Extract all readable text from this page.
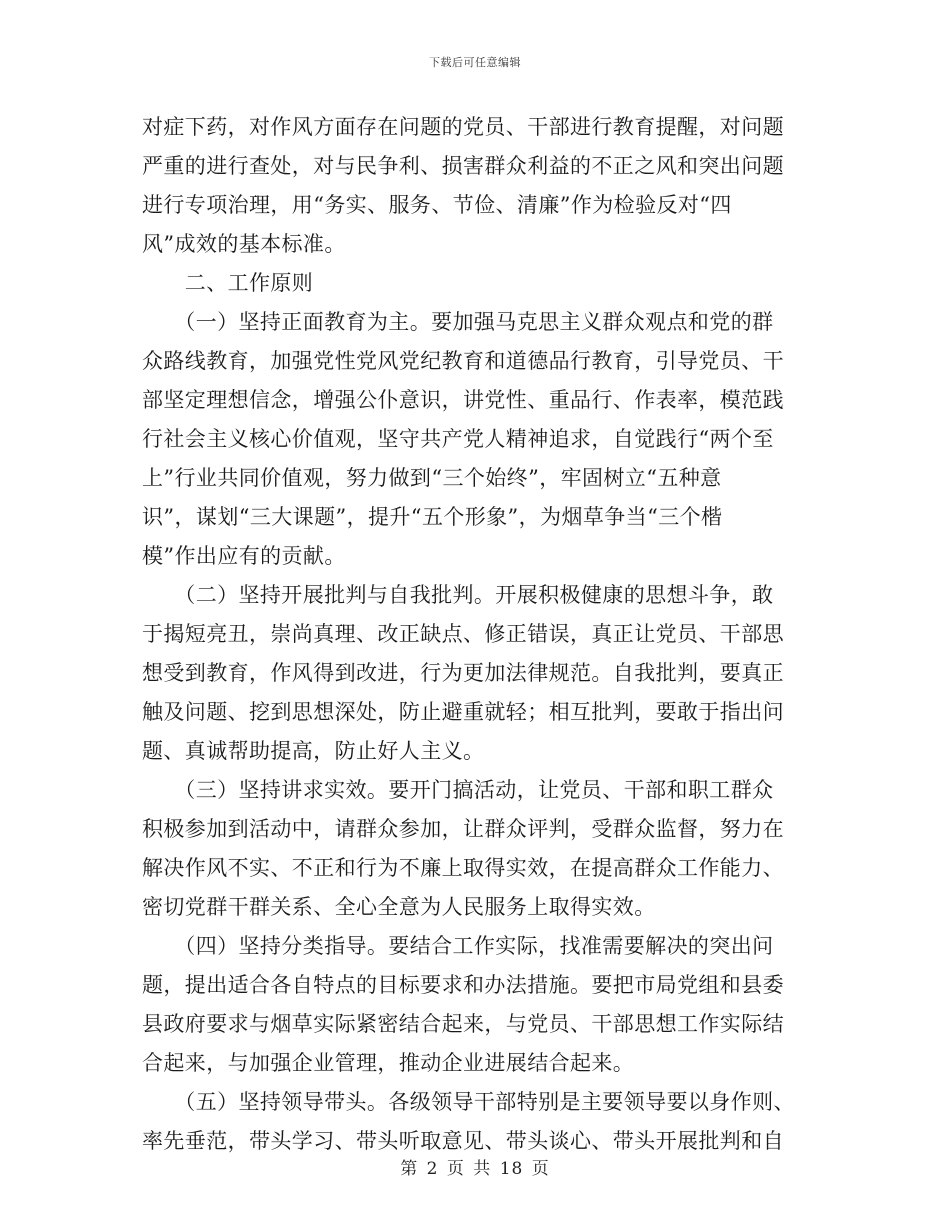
下载后可任意编辑
对症下药，对作风方面存在问题的党员、干部进行教育提醒，对问题
严重的进行查处，对与民争利、损害群众利益的不正之风和突出问题
进行专项治理，用“务实、服务、节俭、清廉”作为检验反对“四
风”成效的基本标准。
　　二、工作原则
　　（一）坚持正面教育为主。要加强马克思主义群众观点和党的群
众路线教育，加强党性党风党纪教育和道德品行教育，引导党员、干
部坚定理想信念，增强公仆意识，讲党性、重品行、作表率，模范践
行社会主义核心价值观，坚守共产党人精神追求，自觉践行“两个至
上”行业共同价值观，努力做到“三个始终”，牢固树立“五种意
识”，谋划“三大课题”，提升“五个形象”，为烟草争当“三个楷
模”作出应有的贡献。
　　（二）坚持开展批判与自我批判。开展积极健康的思想斗争，敢
于揭短亮丑，崇尚真理、改正缺点、修正错误，真正让党员、干部思
想受到教育，作风得到改进，行为更加法律规范。自我批判，要真正
触及问题、挖到思想深处，防止避重就轻；相互批判，要敢于指出问
题、真诚帮助提高，防止好人主义。
　　（三）坚持讲求实效。要开门搞活动，让党员、干部和职工群众
积极参加到活动中，请群众参加，让群众评判，受群众监督，努力在
解决作风不实、不正和行为不廉上取得实效，在提高群众工作能力、
密切党群干群关系、全心全意为人民服务上取得实效。
　　（四）坚持分类指导。要结合工作实际，找准需要解决的突出问
题，提出适合各自特点的目标要求和办法措施。要把市局党组和县委
县政府要求与烟草实际紧密结合起来，与党员、干部思想工作实际结
合起来，与加强企业管理，推动企业进展结合起来。
　　（五）坚持领导带头。各级领导干部特别是主要领导要以身作则、
率先垂范，带头学习、带头听取意见、带头谈心、带头开展批判和自
第 2 页 共 18 页
